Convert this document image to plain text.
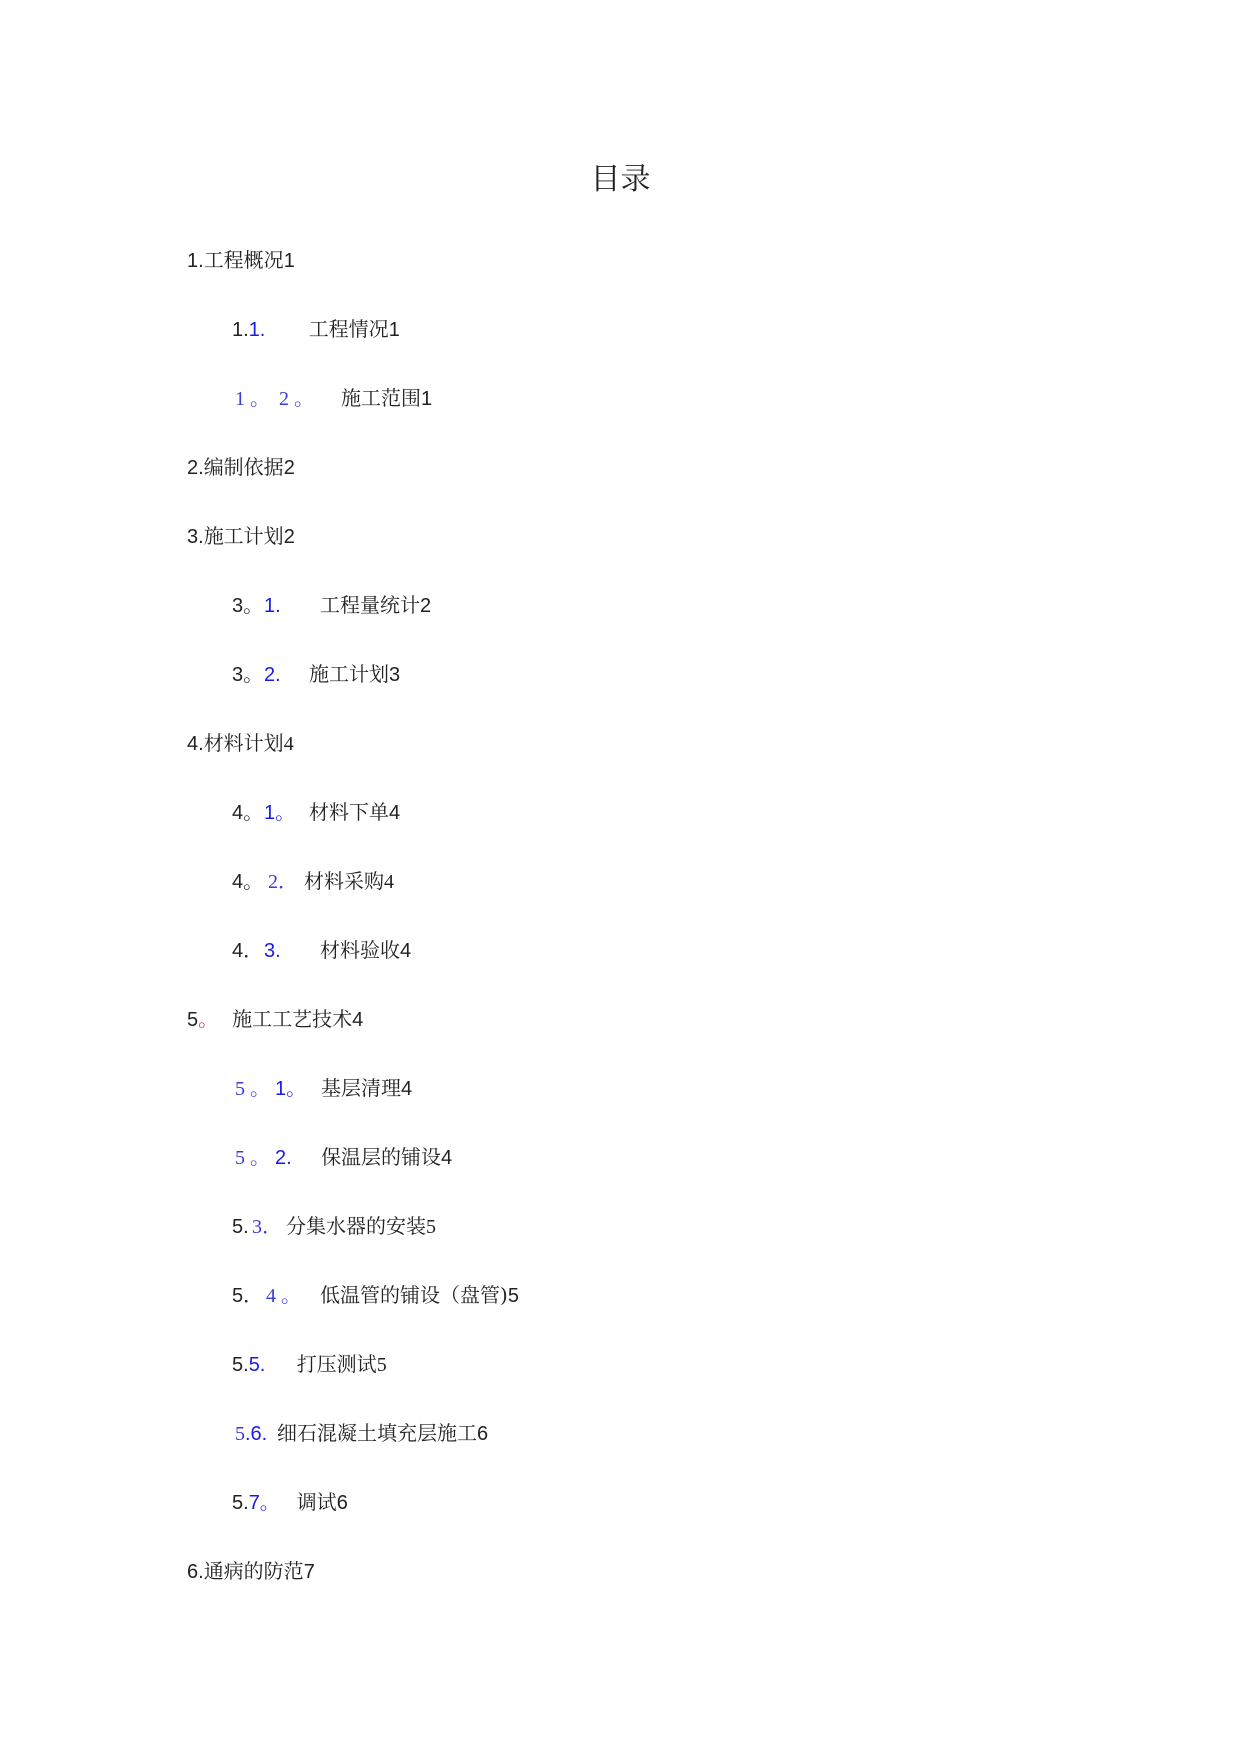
目录
1.工程概况1
1.1. 工程情况1
1 。 2 。 施工范围1
2.编制依据2
3.施工计划2
3。1. 工程量统计2
3。2. 施工计划3
4.材料计划4
4。1。 材料下单4
4。 2． 材料采购4
4．3. 材料验收4
5。 施工工艺技术4
5 。 1。 基层清理4
5 。 2. 保温层的铺设4
5. 3． 分集水器的安装5
5． 4 。 低温管的铺设（盘管)5
5.5. 打压测试5
5.6. 细石混凝土填充层施工6
5.7。 调试6
6.通病的防范7
